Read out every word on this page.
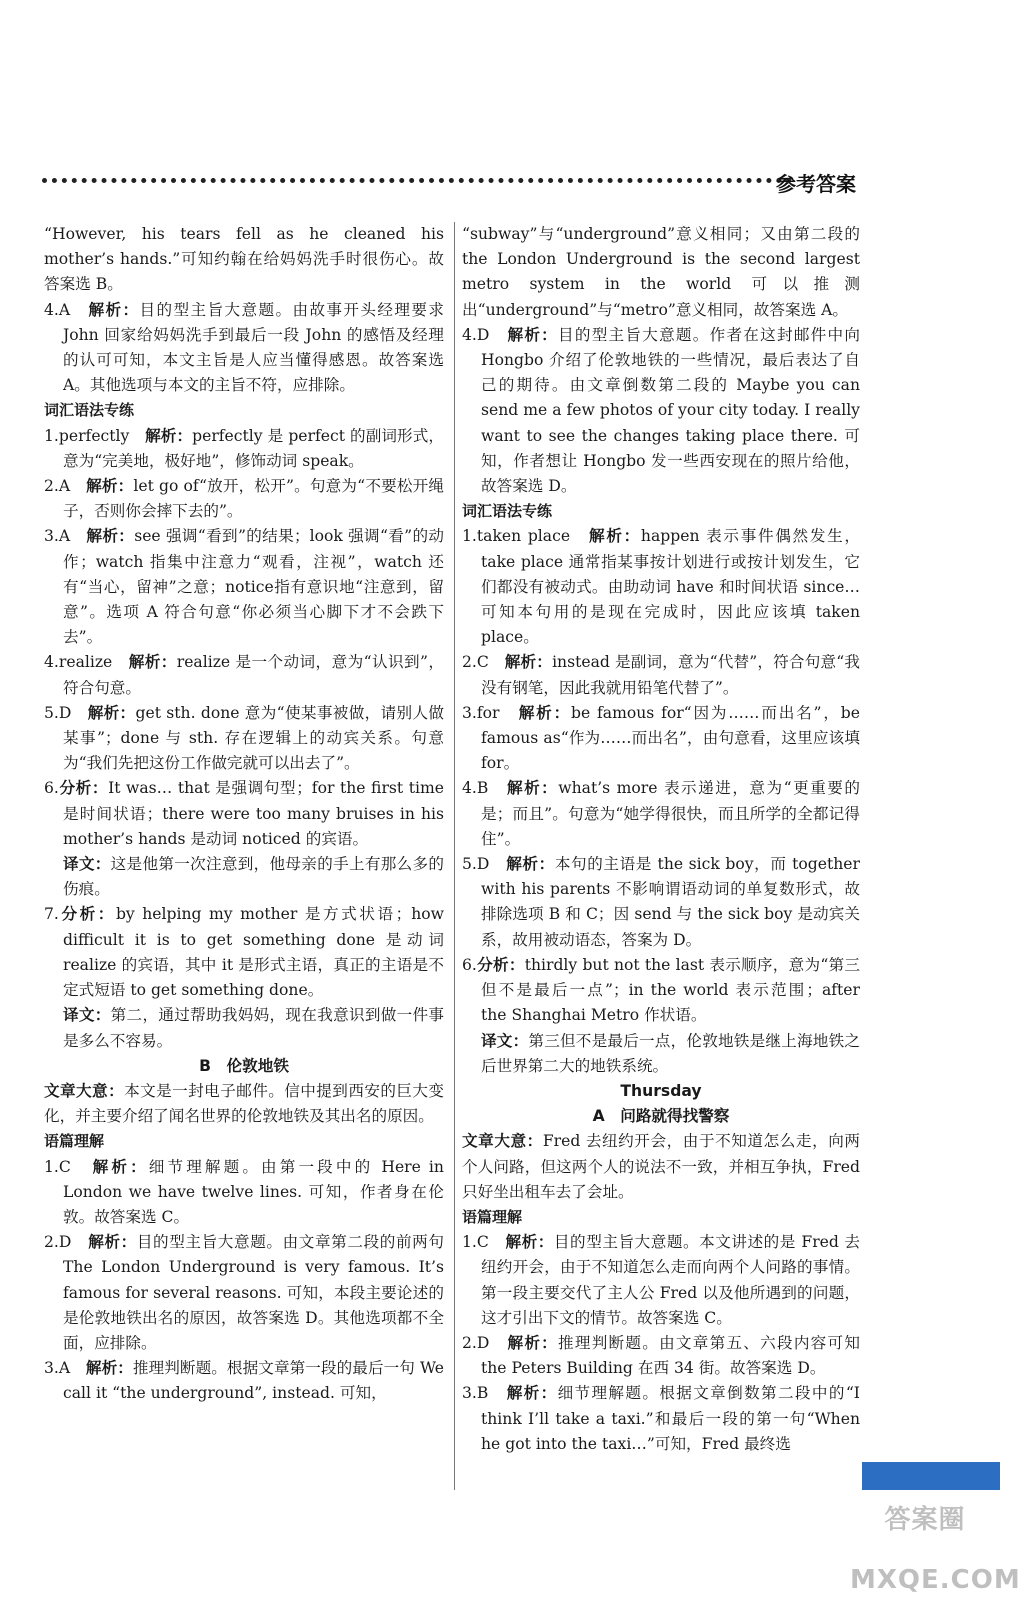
参考答案
“However, his tears fell as he cleaned his mother’s hands.”可知约翰在给妈妈洗手时很伤心。故答案选 B。
4.A　 解析：目的型主旨大意题。由故事开头经理要求 John 回家给妈妈洗手到最后一段 John 的感悟及经理的认可可知，本文主旨是人应当懂得感恩。故答案选 A。其他选项与本文的主旨不符，应排除。
词汇语法专练
1.perfectly　 解析：perfectly 是 perfect 的副词形式，意为“完美地，极好地”，修饰动词 speak。
2.A　 解析：let go of“放开，松开”。句意为“不要松开绳子，否则你会摔下去的”。
3.A　 解析：see 强调“看到”的结果；look 强调“看”的动作；watch 指集中注意力“观看，注视”，watch 还有“当心，留神”之意；notice指有意识地“注意到，留意”。选项 A 符合句意“你必须当心脚下才不会跌下去”。
4.realize　 解析：realize 是一个动词，意为“认识到”，符合句意。
5.D　 解析：get sth. done 意为“使某事被做，请别人做某事”；done 与 sth. 存在逻辑上的动宾关系。句意为“我们先把这份工作做完就可以出去了”。
6.分析：It was… that 是强调句型；for the first time 是时间状语；there were too many bruises in his mother’s hands 是动词 noticed 的宾语。
译文：这是他第一次注意到，他母亲的手上有那么多的伤痕。
7.分析：by helping my mother 是方式状语；how difficult it is to get something done 是动词 realize 的宾语，其中 it 是形式主语，真正的主语是不定式短语 to get something done。
译文：第二，通过帮助我妈妈，现在我意识到做一件事是多么不容易。
B　伦敦地铁
文章大意：本文是一封电子邮件。信中提到西安的巨大变化，并主要介绍了闻名世界的伦敦地铁及其出名的原因。
语篇理解
1.C　 解析：细节理解题。由第一段中的 Here in London we have twelve lines. 可知，作者身在伦敦。故答案选 C。
2.D　 解析：目的型主旨大意题。由文章第二段的前两句 The London Underground is very famous. It’s famous for several reasons. 可知，本段主要论述的是伦敦地铁出名的原因，故答案选 D。其他选项都不全面，应排除。
3.A　 解析：推理判断题。根据文章第一段的最后一句 We call it “the underground”, instead. 可知，
“subway”与“underground”意义相同；又由第二段的 the London Underground is the second largest metro system in the world 可以推测出“underground”与“metro”意义相同，故答案选 A。
4.D　 解析：目的型主旨大意题。作者在这封邮件中向 Hongbo 介绍了伦敦地铁的一些情况，最后表达了自己的期待。由文章倒数第二段的 Maybe you can send me a few photos of your city today. I really want to see the changes taking place there. 可知，作者想让 Hongbo 发一些西安现在的照片给他，故答案选 D。
词汇语法专练
1.taken place　 解析：happen 表示事件偶然发生，take place 通常指某事按计划进行或按计划发生，它们都没有被动式。由助动词 have 和时间状语 since… 可知本句用的是现在完成时，因此应该填 taken place。
2.C　 解析：instead 是副词，意为“代替”，符合句意“我没有钢笔，因此我就用铅笔代替了”。
3.for　 解析：be famous for“因为……而出名”，be famous as“作为……而出名”，由句意看，这里应该填 for。
4.B　 解析：what’s more 表示递进，意为“更重要的是；而且”。句意为“她学得很快，而且所学的全都记得住”。
5.D　 解析：本句的主语是 the sick boy，而 together with his parents 不影响谓语动词的单复数形式，故排除选项 B 和 C；因 send 与 the sick boy 是动宾关系，故用被动语态，答案为 D。
6.分析：thirdly but not the last 表示顺序，意为“第三但不是最后一点”；in the world 表示范围；after the Shanghai Metro 作状语。
译文：第三但不是最后一点，伦敦地铁是继上海地铁之后世界第二大的地铁系统。
Thursday
A　问路就得找警察
文章大意：Fred 去纽约开会，由于不知道怎么走，向两个人问路，但这两个人的说法不一致，并相互争执，Fred 只好坐出租车去了会址。
语篇理解
1.C　 解析：目的型主旨大意题。本文讲述的是 Fred 去纽约开会，由于不知道怎么走而向两个人问路的事情。第一段主要交代了主人公 Fred 以及他所遇到的问题，这才引出下文的情节。故答案选 C。
2.D　 解析：推理判断题。由文章第五、六段内容可知 the Peters Building 在西 34 街。故答案选 D。
3.B　 解析：细节理解题。根据文章倒数第二段中的“I think I’ll take a taxi.”和最后一段的第一句“When he got into the taxi…”可知，Fred 最终选
答案圈 MXQE.COM
